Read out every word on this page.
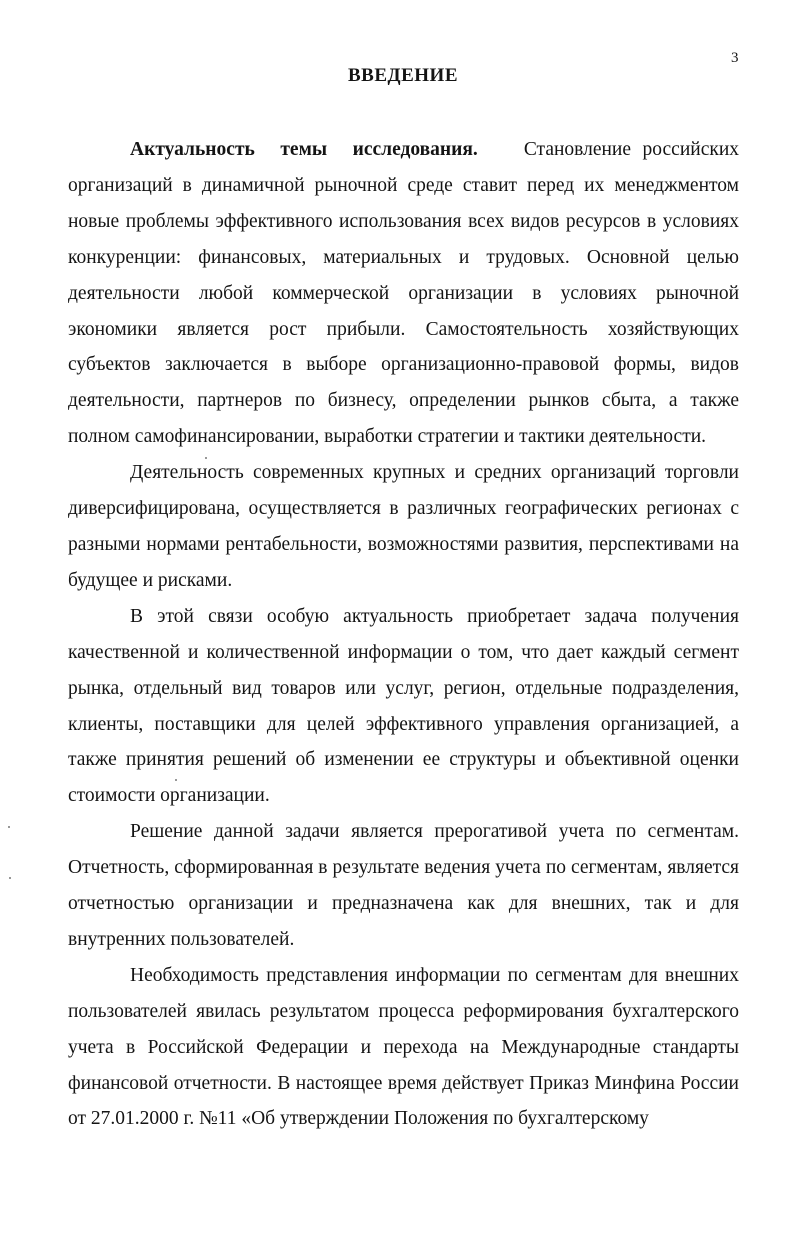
3
ВВЕДЕНИЕ

Актуальность темы исследования. Становление российских организаций в динамичной рыночной среде ставит перед их менеджментом новые проблемы эффективного использования всех видов ресурсов в условиях конкуренции: финансовых, материальных и трудовых. Основной целью деятельности любой коммерческой организации в условиях рыночной экономики является рост прибыли. Самостоятельность хозяйствующих субъектов заключается в выборе организационно-правовой формы, видов деятельности, партнеров по бизнесу, определении рынков сбыта, а также полном самофинансировании, выработки стратегии и тактики деятельности.

Деятельность современных крупных и средних организаций торговли диверсифицирована, осуществляется в различных географических регионах с разными нормами рентабельности, возможностями развития, перспективами на будущее и рисками.

В этой связи особую актуальность приобретает задача получения качественной и количественной информации о том, что дает каждый сегмент рынка, отдельный вид товаров или услуг, регион, отдельные подразделения, клиенты, поставщики для целей эффективного управления организацией, а также принятия решений об изменении ее структуры и объективной оценки стоимости организации.

Решение данной задачи является прерогативой учета по сегментам. Отчетность, сформированная в результате ведения учета по сегментам, является отчетностью организации и предназначена как для внешних, так и для внутренних пользователей.

Необходимость представления информации по сегментам для внешних пользователей явилась результатом процесса реформирования бухгалтерского учета в Российской Федерации и перехода на Международные стандарты финансовой отчетности. В настоящее время действует Приказ Минфина России от 27.01.2000 г. №11 «Об утверждении Положения по бухгалтерскому
